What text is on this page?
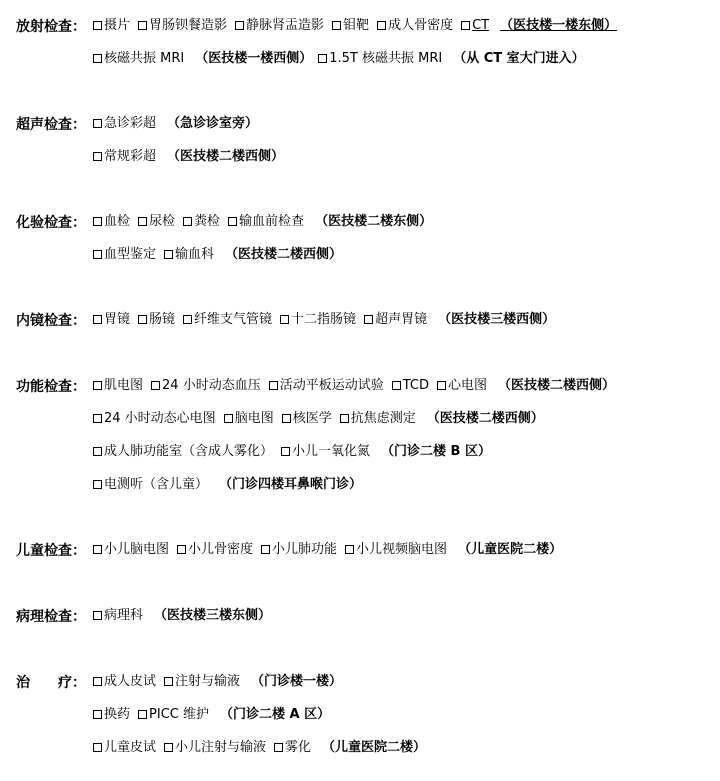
放射检查：	摄片 胃肠钡餐造影 静脉肾盂造影 钼靶 成人骨密度 CT （医技楼一楼东侧）
核磁共振 MRI （医技楼一楼西侧） 1.5T 核磁共振 MRI （从 CT 室大门进入）
超声检查：	急诊彩超 （急诊诊室旁）
常规彩超 （医技楼二楼西侧）
化验检查：	血检 尿检 粪检 输血前检查 （医技楼二楼东侧）
血型鉴定 输血科 （医技楼二楼西侧）
内镜检查：	胃镜 肠镜 纤维支气管镜 十二指肠镜 超声胃镜 （医技楼三楼西侧）
功能检查：	肌电图 24 小时动态血压 活动平板运动试验 TCD 心电图 （医技楼二楼西侧）
24 小时动态心电图 脑电图 核医学 抗焦虑测定 （医技楼二楼西侧）
成人肺功能室（含成人雾化） 小儿一氧化氮 （门诊二楼 B 区）
电测听（含儿童） （门诊四楼耳鼻喉门诊）
儿童检查：	小儿脑电图 小儿骨密度 小儿肺功能 小儿视频脑电图 （儿童医院二楼）
病理检查：	病理科 （医技楼三楼东侧）
治　　疗：	成人皮试 注射与输液 （门诊楼一楼）
换药 PICC 维护 （门诊二楼 A 区）
儿童皮试 小儿注射与输液 雾化 （儿童医院二楼）
